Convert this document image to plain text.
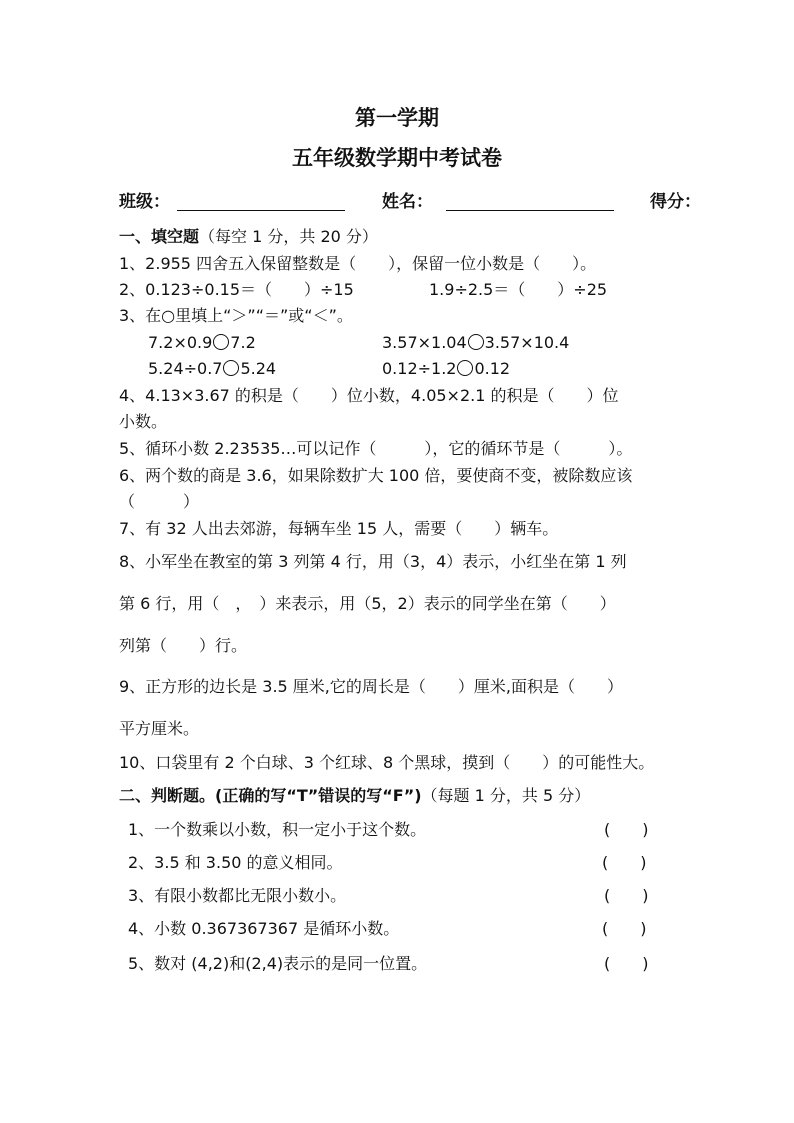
第一学期
五年级数学期中考试卷
班级：	姓名：	得分：
一、填空题（每空 1 分，共 20 分）
1、2.955 四舍五入保留整数是（　　），保留一位小数是（　　）。
2、0.123÷0.15＝（　　）÷15	1.9÷2.5＝（　　）÷25
3、在○里填上“＞”“＝”或“＜”。
7.2×0.9 7.2	3.57×1.04 3.57×10.4
5.24÷0.7 5.24	0.12÷1.2 0.12
4、4.13×3.67 的积是（　　）位小数，4.05×2.1 的积是（　　）位
小数。
5、循环小数 2.23535…可以记作（　　　），它的循环节是（　　　）。
6、两个数的商是 3.6，如果除数扩大 100 倍，要使商不变，被除数应该
（　　　）
7、有 32 人出去郊游，每辆车坐 15 人，需要（　　）辆车。
8、小军坐在教室的第 3 列第 4 行，用（3，4）表示，小红坐在第 1 列
第 6 行，用（　，　）来表示，用（5，2）表示的同学坐在第（　　）
列第（　　）行。
9、正方形的边长是 3.5 厘米,它的周长是（　　）厘米,面积是（　　）
平方厘米。
10、口袋里有 2 个白球、3 个红球、8 个黑球，摸到（　　）的可能性大。
二、判断题。(正确的写“T”错误的写“F”)（每题 1 分，共 5 分）
1、一个数乘以小数，积一定小于这个数。	(　　)
2、3.5 和 3.50 的意义相同。	(　　)
3、有限小数都比无限小数小。	(　　)
4、小数 0.367367367 是循环小数。	(　　)
5、数对 (4,2)和(2,4)表示的是同一位置。	(　　)
